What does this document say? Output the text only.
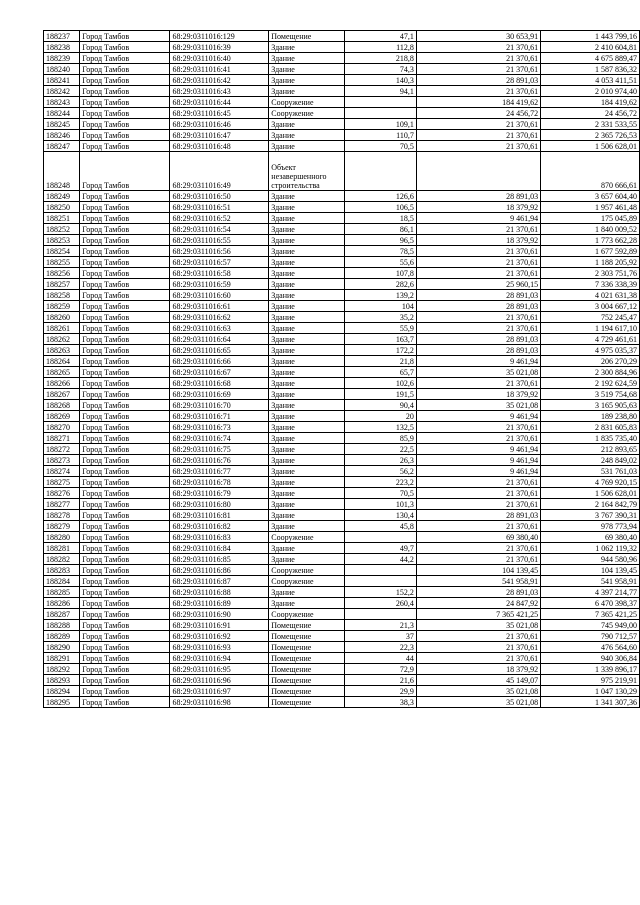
188237	Город Тамбов	68:29:0311016:129	Помещение	47,1	30 653,91	1 443 799,16
188238	Город Тамбов	68:29:0311016:39	Здание	112,8	21 370,61	2 410 604,81
188239	Город Тамбов	68:29:0311016:40	Здание	218,8	21 370,61	4 675 889,47
188240	Город Тамбов	68:29:0311016:41	Здание	74,3	21 370,61	1 587 836,32
188241	Город Тамбов	68:29:0311016:42	Здание	140,3	28 891,03	4 053 411,51
188242	Город Тамбов	68:29:0311016:43	Здание	94,1	21 370,61	2 010 974,40
188243	Город Тамбов	68:29:0311016:44	Сооружение		184 419,62	184 419,62
188244	Город Тамбов	68:29:0311016:45	Сооружение		24 456,72	24 456,72
188245	Город Тамбов	68:29:0311016:46	Здание	109,1	21 370,61	2 331 533,55
188246	Город Тамбов	68:29:0311016:47	Здание	110,7	21 370,61	2 365 726,53
188247	Город Тамбов	68:29:0311016:48	Здание	70,5	21 370,61	1 506 628,01
188248	Город Тамбов	68:29:0311016:49	Объект незавершенного строительства			870 666,61
188249	Город Тамбов	68:29:0311016:50	Здание	126,6	28 891,03	3 657 604,40
188250	Город Тамбов	68:29:0311016:51	Здание	106,5	18 379,92	1 957 461,48
188251	Город Тамбов	68:29:0311016:52	Здание	18,5	9 461,94	175 045,89
188252	Город Тамбов	68:29:0311016:54	Здание	86,1	21 370,61	1 840 009,52
188253	Город Тамбов	68:29:0311016:55	Здание	96,5	18 379,92	1 773 662,28
188254	Город Тамбов	68:29:0311016:56	Здание	78,5	21 370,61	1 677 592,89
188255	Город Тамбов	68:29:0311016:57	Здание	55,6	21 370,61	1 188 205,92
188256	Город Тамбов	68:29:0311016:58	Здание	107,8	21 370,61	2 303 751,76
188257	Город Тамбов	68:29:0311016:59	Здание	282,6	25 960,15	7 336 338,39
188258	Город Тамбов	68:29:0311016:60	Здание	139,2	28 891,03	4 021 631,38
188259	Город Тамбов	68:29:0311016:61	Здание	104	28 891,03	3 004 667,12
188260	Город Тамбов	68:29:0311016:62	Здание	35,2	21 370,61	752 245,47
188261	Город Тамбов	68:29:0311016:63	Здание	55,9	21 370,61	1 194 617,10
188262	Город Тамбов	68:29:0311016:64	Здание	163,7	28 891,03	4 729 461,61
188263	Город Тамбов	68:29:0311016:65	Здание	172,2	28 891,03	4 975 035,37
188264	Город Тамбов	68:29:0311016:66	Здание	21,8	9 461,94	206 270,29
188265	Город Тамбов	68:29:0311016:67	Здание	65,7	35 021,08	2 300 884,96
188266	Город Тамбов	68:29:0311016:68	Здание	102,6	21 370,61	2 192 624,59
188267	Город Тамбов	68:29:0311016:69	Здание	191,5	18 379,92	3 519 754,68
188268	Город Тамбов	68:29:0311016:70	Здание	90,4	35 021,08	3 165 905,63
188269	Город Тамбов	68:29:0311016:71	Здание	20	9 461,94	189 238,80
188270	Город Тамбов	68:29:0311016:73	Здание	132,5	21 370,61	2 831 605,83
188271	Город Тамбов	68:29:0311016:74	Здание	85,9	21 370,61	1 835 735,40
188272	Город Тамбов	68:29:0311016:75	Здание	22,5	9 461,94	212 893,65
188273	Город Тамбов	68:29:0311016:76	Здание	26,3	9 461,94	248 849,02
188274	Город Тамбов	68:29:0311016:77	Здание	56,2	9 461,94	531 761,03
188275	Город Тамбов	68:29:0311016:78	Здание	223,2	21 370,61	4 769 920,15
188276	Город Тамбов	68:29:0311016:79	Здание	70,5	21 370,61	1 506 628,01
188277	Город Тамбов	68:29:0311016:80	Здание	101,3	21 370,61	2 164 842,79
188278	Город Тамбов	68:29:0311016:81	Здание	130,4	28 891,03	3 767 390,31
188279	Город Тамбов	68:29:0311016:82	Здание	45,8	21 370,61	978 773,94
188280	Город Тамбов	68:29:0311016:83	Сооружение		69 380,40	69 380,40
188281	Город Тамбов	68:29:0311016:84	Здание	49,7	21 370,61	1 062 119,32
188282	Город Тамбов	68:29:0311016:85	Здание	44,2	21 370,61	944 580,96
188283	Город Тамбов	68:29:0311016:86	Сооружение		104 139,45	104 139,45
188284	Город Тамбов	68:29:0311016:87	Сооружение		541 958,91	541 958,91
188285	Город Тамбов	68:29:0311016:88	Здание	152,2	28 891,03	4 397 214,77
188286	Город Тамбов	68:29:0311016:89	Здание	260,4	24 847,92	6 470 398,37
188287	Город Тамбов	68:29:0311016:90	Сооружение		7 365 421,25	7 365 421,25
188288	Город Тамбов	68:29:0311016:91	Помещение	21,3	35 021,08	745 949,00
188289	Город Тамбов	68:29:0311016:92	Помещение	37	21 370,61	790 712,57
188290	Город Тамбов	68:29:0311016:93	Помещение	22,3	21 370,61	476 564,60
188291	Город Тамбов	68:29:0311016:94	Помещение	44	21 370,61	940 306,84
188292	Город Тамбов	68:29:0311016:95	Помещение	72,9	18 379,92	1 339 896,17
188293	Город Тамбов	68:29:0311016:96	Помещение	21,6	45 149,07	975 219,91
188294	Город Тамбов	68:29:0311016:97	Помещение	29,9	35 021,08	1 047 130,29
188295	Город Тамбов	68:29:0311016:98	Помещение	38,3	35 021,08	1 341 307,36
